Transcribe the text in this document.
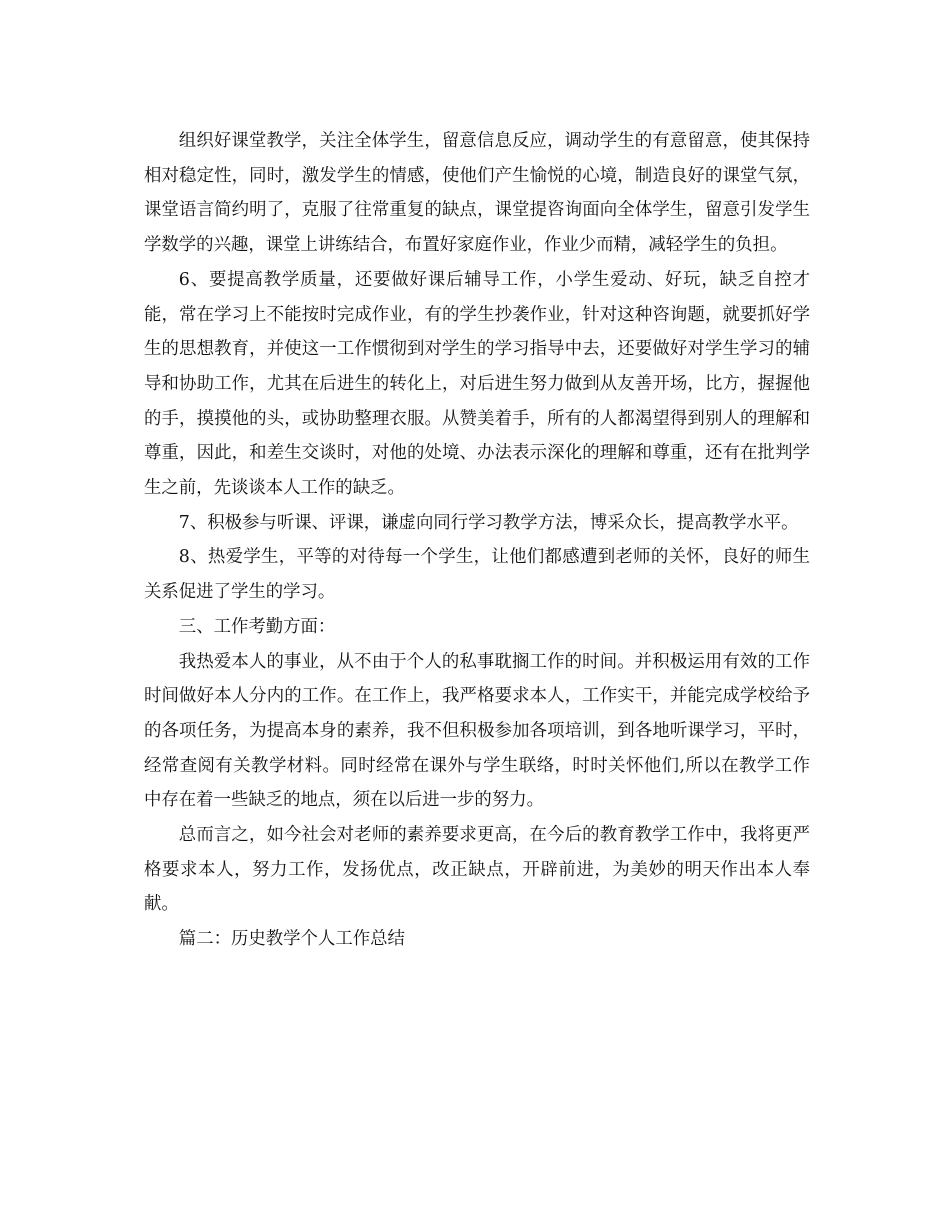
组织好课堂教学，关注全体学生，留意信息反应，调动学生的有意留意，使其保持相对稳定性，同时，激发学生的情感，使他们产生愉悦的心境，制造良好的课堂气氛，课堂语言简约明了，克服了往常重复的缺点，课堂提咨询面向全体学生，留意引发学生学数学的兴趣，课堂上讲练结合，布置好家庭作业，作业少而精，减轻学生的负担。

6、要提高教学质量，还要做好课后辅导工作，小学生爱动、好玩，缺乏自控才能，常在学习上不能按时完成作业，有的学生抄袭作业，针对这种咨询题，就要抓好学生的思想教育，并使这一工作惯彻到对学生的学习指导中去，还要做好对学生学习的辅导和协助工作，尤其在后进生的转化上，对后进生努力做到从友善开场，比方，握握他的手，摸摸他的头，或协助整理衣服。从赞美着手，所有的人都渴望得到别人的理解和尊重，因此，和差生交谈时，对他的处境、办法表示深化的理解和尊重，还有在批判学生之前，先谈谈本人工作的缺乏。

7、积极参与听课、评课，谦虚向同行学习教学方法，博采众长，提高教学水平。

8、热爱学生，平等的对待每一个学生，让他们都感遭到老师的关怀，良好的师生关系促进了学生的学习。

三、工作考勤方面：

我热爱本人的事业，从不由于个人的私事耽搁工作的时间。并积极运用有效的工作时间做好本人分内的工作。在工作上，我严格要求本人，工作实干，并能完成学校给予的各项任务，为提高本身的素养，我不但积极参加各项培训，到各地听课学习，平时，经常查阅有关教学材料。同时经常在课外与学生联络，时时关怀他们,所以在教学工作中存在着一些缺乏的地点，须在以后进一步的努力。

总而言之，如今社会对老师的素养要求更高，在今后的教育教学工作中，我将更严格要求本人，努力工作，发扬优点，改正缺点，开辟前进，为美妙的明天作出本人奉献。

篇二：历史教学个人工作总结
